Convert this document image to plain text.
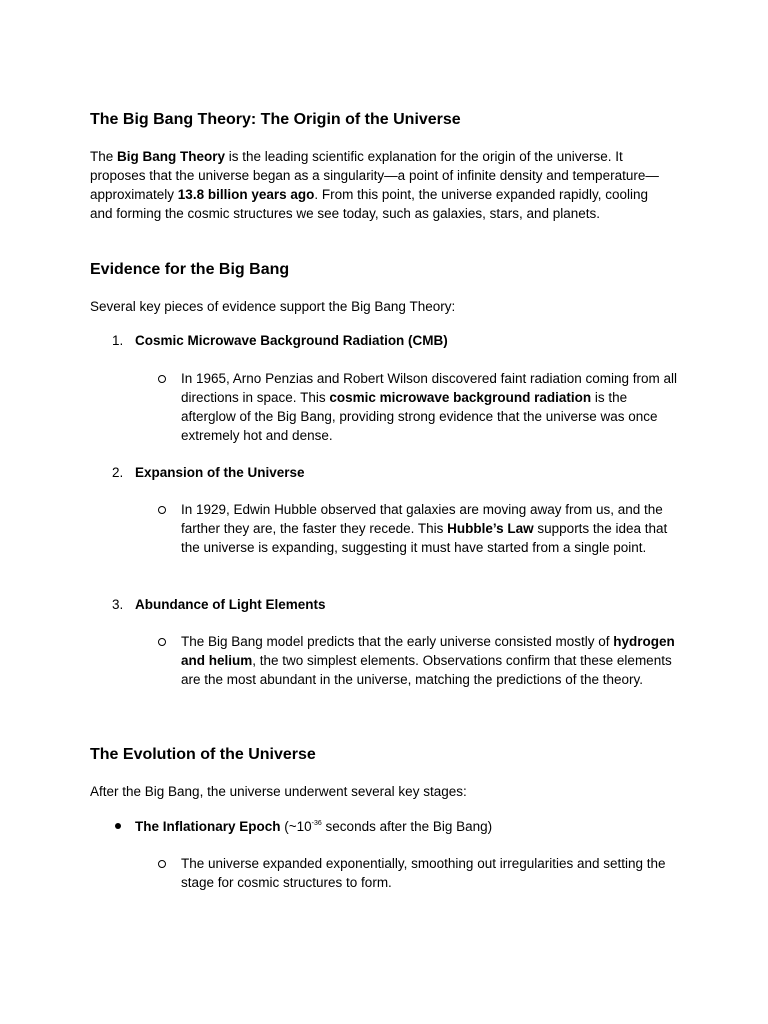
The Big Bang Theory: The Origin of the Universe
The Big Bang Theory is the leading scientific explanation for the origin of the universe. It proposes that the universe began as a singularity—a point of infinite density and temperature—approximately 13.8 billion years ago. From this point, the universe expanded rapidly, cooling and forming the cosmic structures we see today, such as galaxies, stars, and planets.
Evidence for the Big Bang
Several key pieces of evidence support the Big Bang Theory:
1. Cosmic Microwave Background Radiation (CMB)
In 1965, Arno Penzias and Robert Wilson discovered faint radiation coming from all directions in space. This cosmic microwave background radiation is the afterglow of the Big Bang, providing strong evidence that the universe was once extremely hot and dense.
2. Expansion of the Universe
In 1929, Edwin Hubble observed that galaxies are moving away from us, and the farther they are, the faster they recede. This Hubble’s Law supports the idea that the universe is expanding, suggesting it must have started from a single point.
3. Abundance of Light Elements
The Big Bang model predicts that the early universe consisted mostly of hydrogen and helium, the two simplest elements. Observations confirm that these elements are the most abundant in the universe, matching the predictions of the theory.
The Evolution of the Universe
After the Big Bang, the universe underwent several key stages:
The Inflationary Epoch ($\sim 10^{-36}$ seconds after the Big Bang)
The universe expanded exponentially, smoothing out irregularities and setting the stage for cosmic structures to form.
